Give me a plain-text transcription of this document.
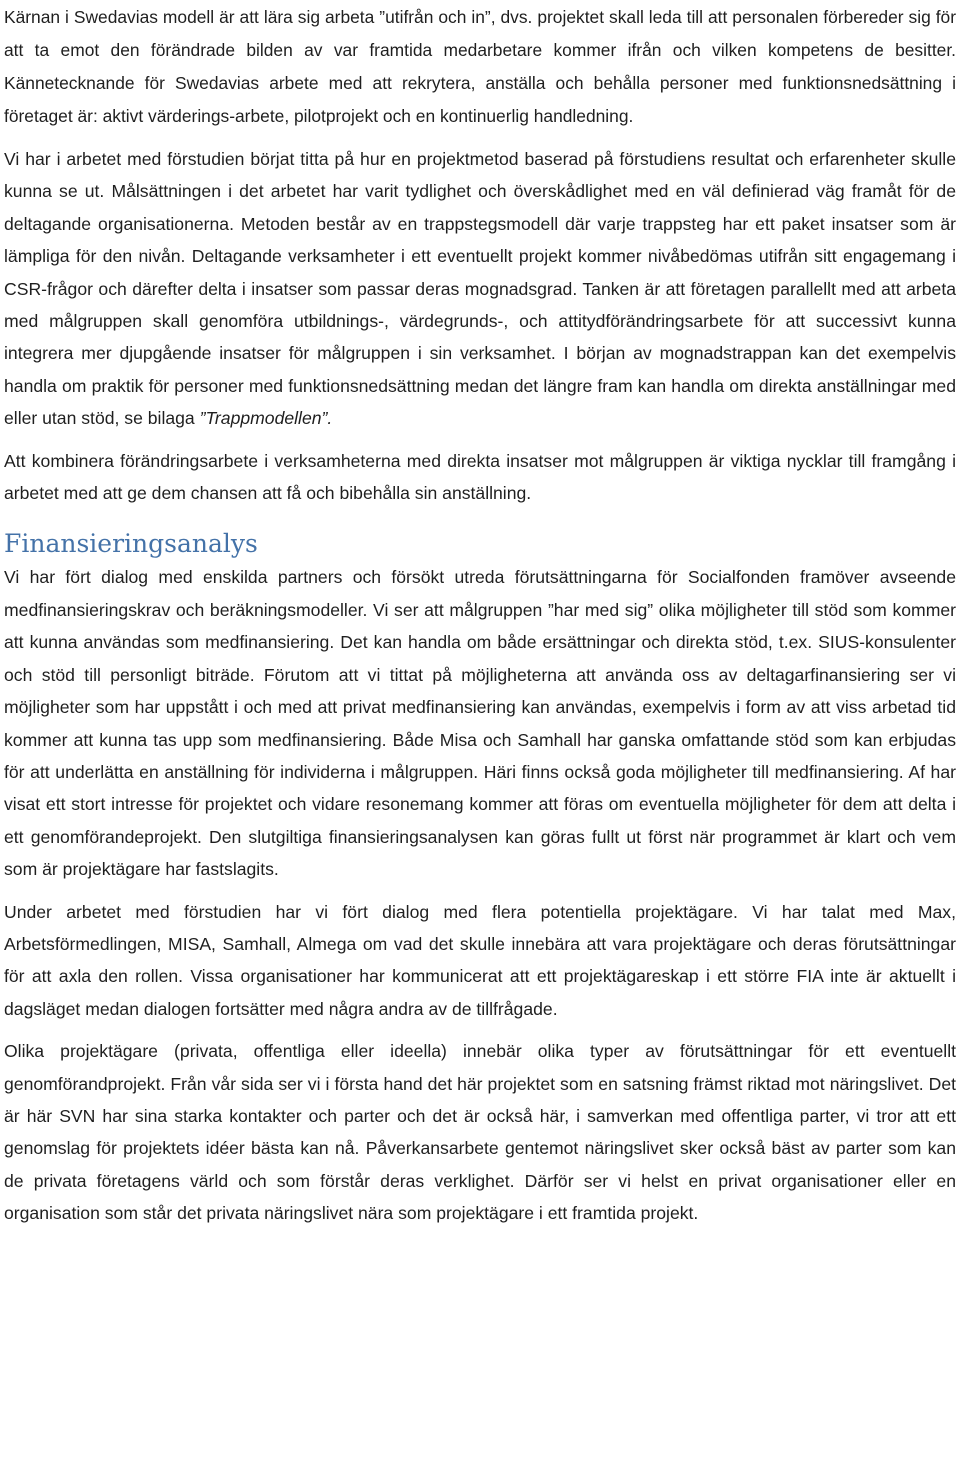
Kärnan i Swedavias modell är att lära sig arbeta ”utifrån och in”, dvs. projektet skall leda till att personalen förbereder sig för att ta emot den förändrade bilden av var framtida medarbetare kommer ifrån och vilken kompetens de besitter. Kännetecknande för Swedavias arbete med att rekrytera, anställa och behålla personer med funktionsnedsättning i företaget är: aktivt värderings-arbete, pilotprojekt och en kontinuerlig handledning.

Vi har i arbetet med förstudien börjat titta på hur en projektmetod baserad på förstudiens resultat och erfarenheter skulle kunna se ut. Målsättningen i det arbetet har varit tydlighet och överskådlighet med en väl definierad väg framåt för de deltagande organisationerna. Metoden består av en trappstegsmodell där varje trappsteg har ett paket insatser som är lämpliga för den nivån. Deltagande verksamheter i ett eventuellt projekt kommer nivåbedömas utifrån sitt engagemang i CSR-frågor och därefter delta i insatser som passar deras mognadsgrad. Tanken är att företagen parallellt med att arbeta med målgruppen skall genomföra utbildnings-, värdegrunds-, och attitydförändringsarbete för att successivt kunna integrera mer djupgående insatser för målgruppen i sin verksamhet. I början av mognadstrappan kan det exempelvis handla om praktik för personer med funktionsnedsättning medan det längre fram kan handla om direkta anställningar med eller utan stöd, se bilaga ”Trappmodellen”.

Att kombinera förändringsarbete i verksamheterna med direkta insatser mot målgruppen är viktiga nycklar till framgång i arbetet med att ge dem chansen att få och bibehålla sin anställning.

Finansieringsanalys

Vi har fört dialog med enskilda partners och försökt utreda förutsättningarna för Socialfonden framöver avseende medfinansieringskrav och beräkningsmodeller. Vi ser att målgruppen ”har med sig” olika möjligheter till stöd som kommer att kunna användas som medfinansiering. Det kan handla om både ersättningar och direkta stöd, t.ex. SIUS-konsulenter och stöd till personligt biträde. Förutom att vi tittat på möjligheterna att använda oss av deltagarfinansiering ser vi möjligheter som har uppstått i och med att privat medfinansiering kan användas, exempelvis i form av att viss arbetad tid kommer att kunna tas upp som medfinansiering. Både Misa och Samhall har ganska omfattande stöd som kan erbjudas för att underlätta en anställning för individerna i målgruppen. Häri finns också goda möjligheter till medfinansiering. Af har visat ett stort intresse för projektet och vidare resonemang kommer att föras om eventuella möjligheter för dem att delta i ett genomförandeprojekt. Den slutgiltiga finansieringsanalysen kan göras fullt ut först när programmet är klart och vem som är projektägare har fastslagits.

Under arbetet med förstudien har vi fört dialog med flera potentiella projektägare. Vi har talat med Max, Arbetsförmedlingen, MISA, Samhall, Almega om vad det skulle innebära att vara projektägare och deras förutsättningar för att axla den rollen. Vissa organisationer har kommunicerat att ett projektägareskap i ett större FIA inte är aktuellt i dagsläget medan dialogen fortsätter med några andra av de tillfrågade.

Olika projektägare (privata, offentliga eller ideella) innebär olika typer av förutsättningar för ett eventuellt genomförandprojekt. Från vår sida ser vi i första hand det här projektet som en satsning främst riktad mot näringslivet. Det är här SVN har sina starka kontakter och parter och det är också här, i samverkan med offentliga parter, vi tror att ett genomslag för projektets idéer bästa kan nå. Påverkansarbete gentemot näringslivet sker också bäst av parter som kan de privata företagens värld och som förstår deras verklighet. Därför ser vi helst en privat organisationer eller en organisation som står det privata näringslivet nära som projektägare i ett framtida projekt.
